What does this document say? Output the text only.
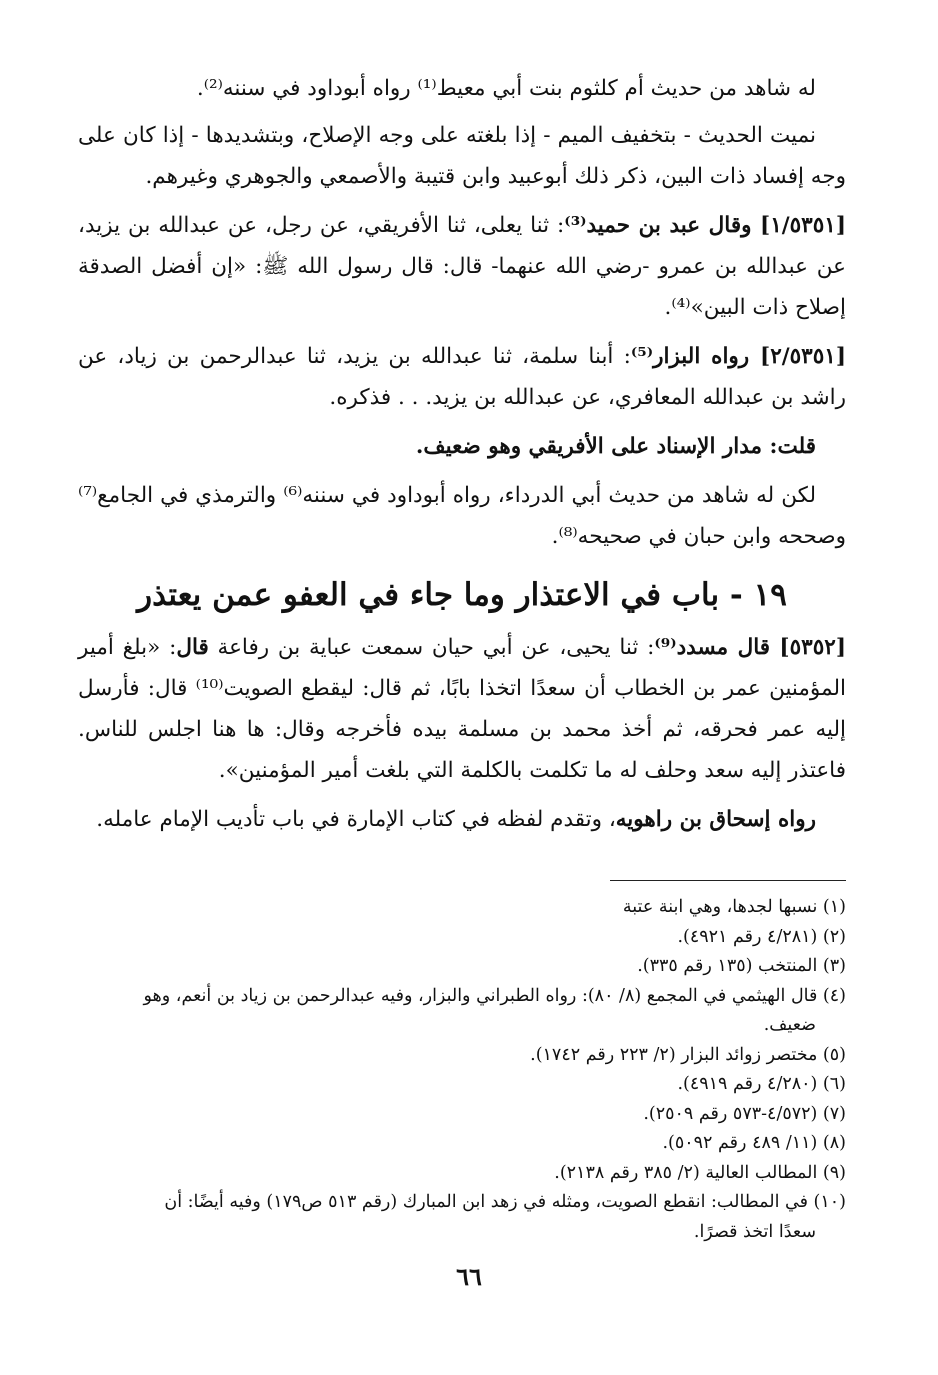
له شاهد من حديث أم كلثوم بنت أبي معيط⁽¹⁾ رواه أبوداود في سننه⁽²⁾.

نميت الحديث - بتخفيف الميم - إذا بلغته على وجه الإصلاح، وبتشديدها - إذا كان على وجه إفساد ذات البين، ذكر ذلك أبوعبيد وابن قتيبة والأصمعي والجوهري وغيرهم.

[١/٥٣٥١] وقال عبد بن حميد⁽³⁾: ثنا يعلى، ثنا الأفريقي، عن رجل، عن عبدالله بن يزيد، عن عبدالله بن عمرو -رضي الله عنهما- قال: قال رسول الله ﷺ: «إن أفضل الصدقة إصلاح ذات البين»⁽⁴⁾.

[٢/٥٣٥١] رواه البزار⁽⁵⁾: أبنا سلمة، ثنا عبدالله بن يزيد، ثنا عبدالرحمن بن زياد، عن راشد بن عبدالله المعافري، عن عبدالله بن يزيد. . . فذكره.

قلت: مدار الإسناد على الأفريقي وهو ضعيف.

لكن له شاهد من حديث أبي الدرداء، رواه أبوداود في سننه⁽⁶⁾ والترمذي في الجامع⁽⁷⁾ وصححه وابن حبان في صحيحه⁽⁸⁾.

١٩ - باب في الاعتذار وما جاء في العفو عمن يعتذر

[٥٣٥٢] قال مسدد⁽⁹⁾: ثنا يحيى، عن أبي حيان سمعت عباية بن رفاعة قال: «بلغ أمير المؤمنين عمر بن الخطاب أن سعدًا اتخذا بابًا، ثم قال: ليقطع الصويت⁽¹⁰⁾ قال: فأرسل إليه عمر فحرقه، ثم أخذ محمد بن مسلمة بيده فأخرجه وقال: ها هنا اجلس للناس. فاعتذر إليه سعد وحلف له ما تكلمت بالكلمة التي بلغت أمير المؤمنين».

رواه إسحاق بن راهويه، وتقدم لفظه في كتاب الإمارة في باب تأديب الإمام عامله.

(١) نسبها لجدها، وهي ابنة عتبة

(٢) (٤/٢٨١ رقم ٤٩٢١).

(٣) المنتخب (١٣٥ رقم ٣٣٥).

(٤) قال الهيثمي في المجمع (٨/ ٨٠): رواه الطبراني والبزار، وفيه عبدالرحمن بن زياد بن أنعم، وهو
ضعيف.

(٥) مختصر زوائد البزار (٢/ ٢٢٣ رقم ١٧٤٢).

(٦) (٤/٢٨٠ رقم ٤٩١٩).

(٧) (٤/٥٧٢-٥٧٣ رقم ٢٥٠٩).

(٨) (١١/ ٤٨٩ رقم ٥٠٩٢).

(٩) المطالب العالية (٢/ ٣٨٥ رقم ٢١٣٨).

(١٠) في المطالب: انقطع الصويت، ومثله في زهد ابن المبارك (رقم ٥١٣ ص١٧٩) وفيه أيضًا: أن
سعدًا اتخذ قصرًا.

٦٦
